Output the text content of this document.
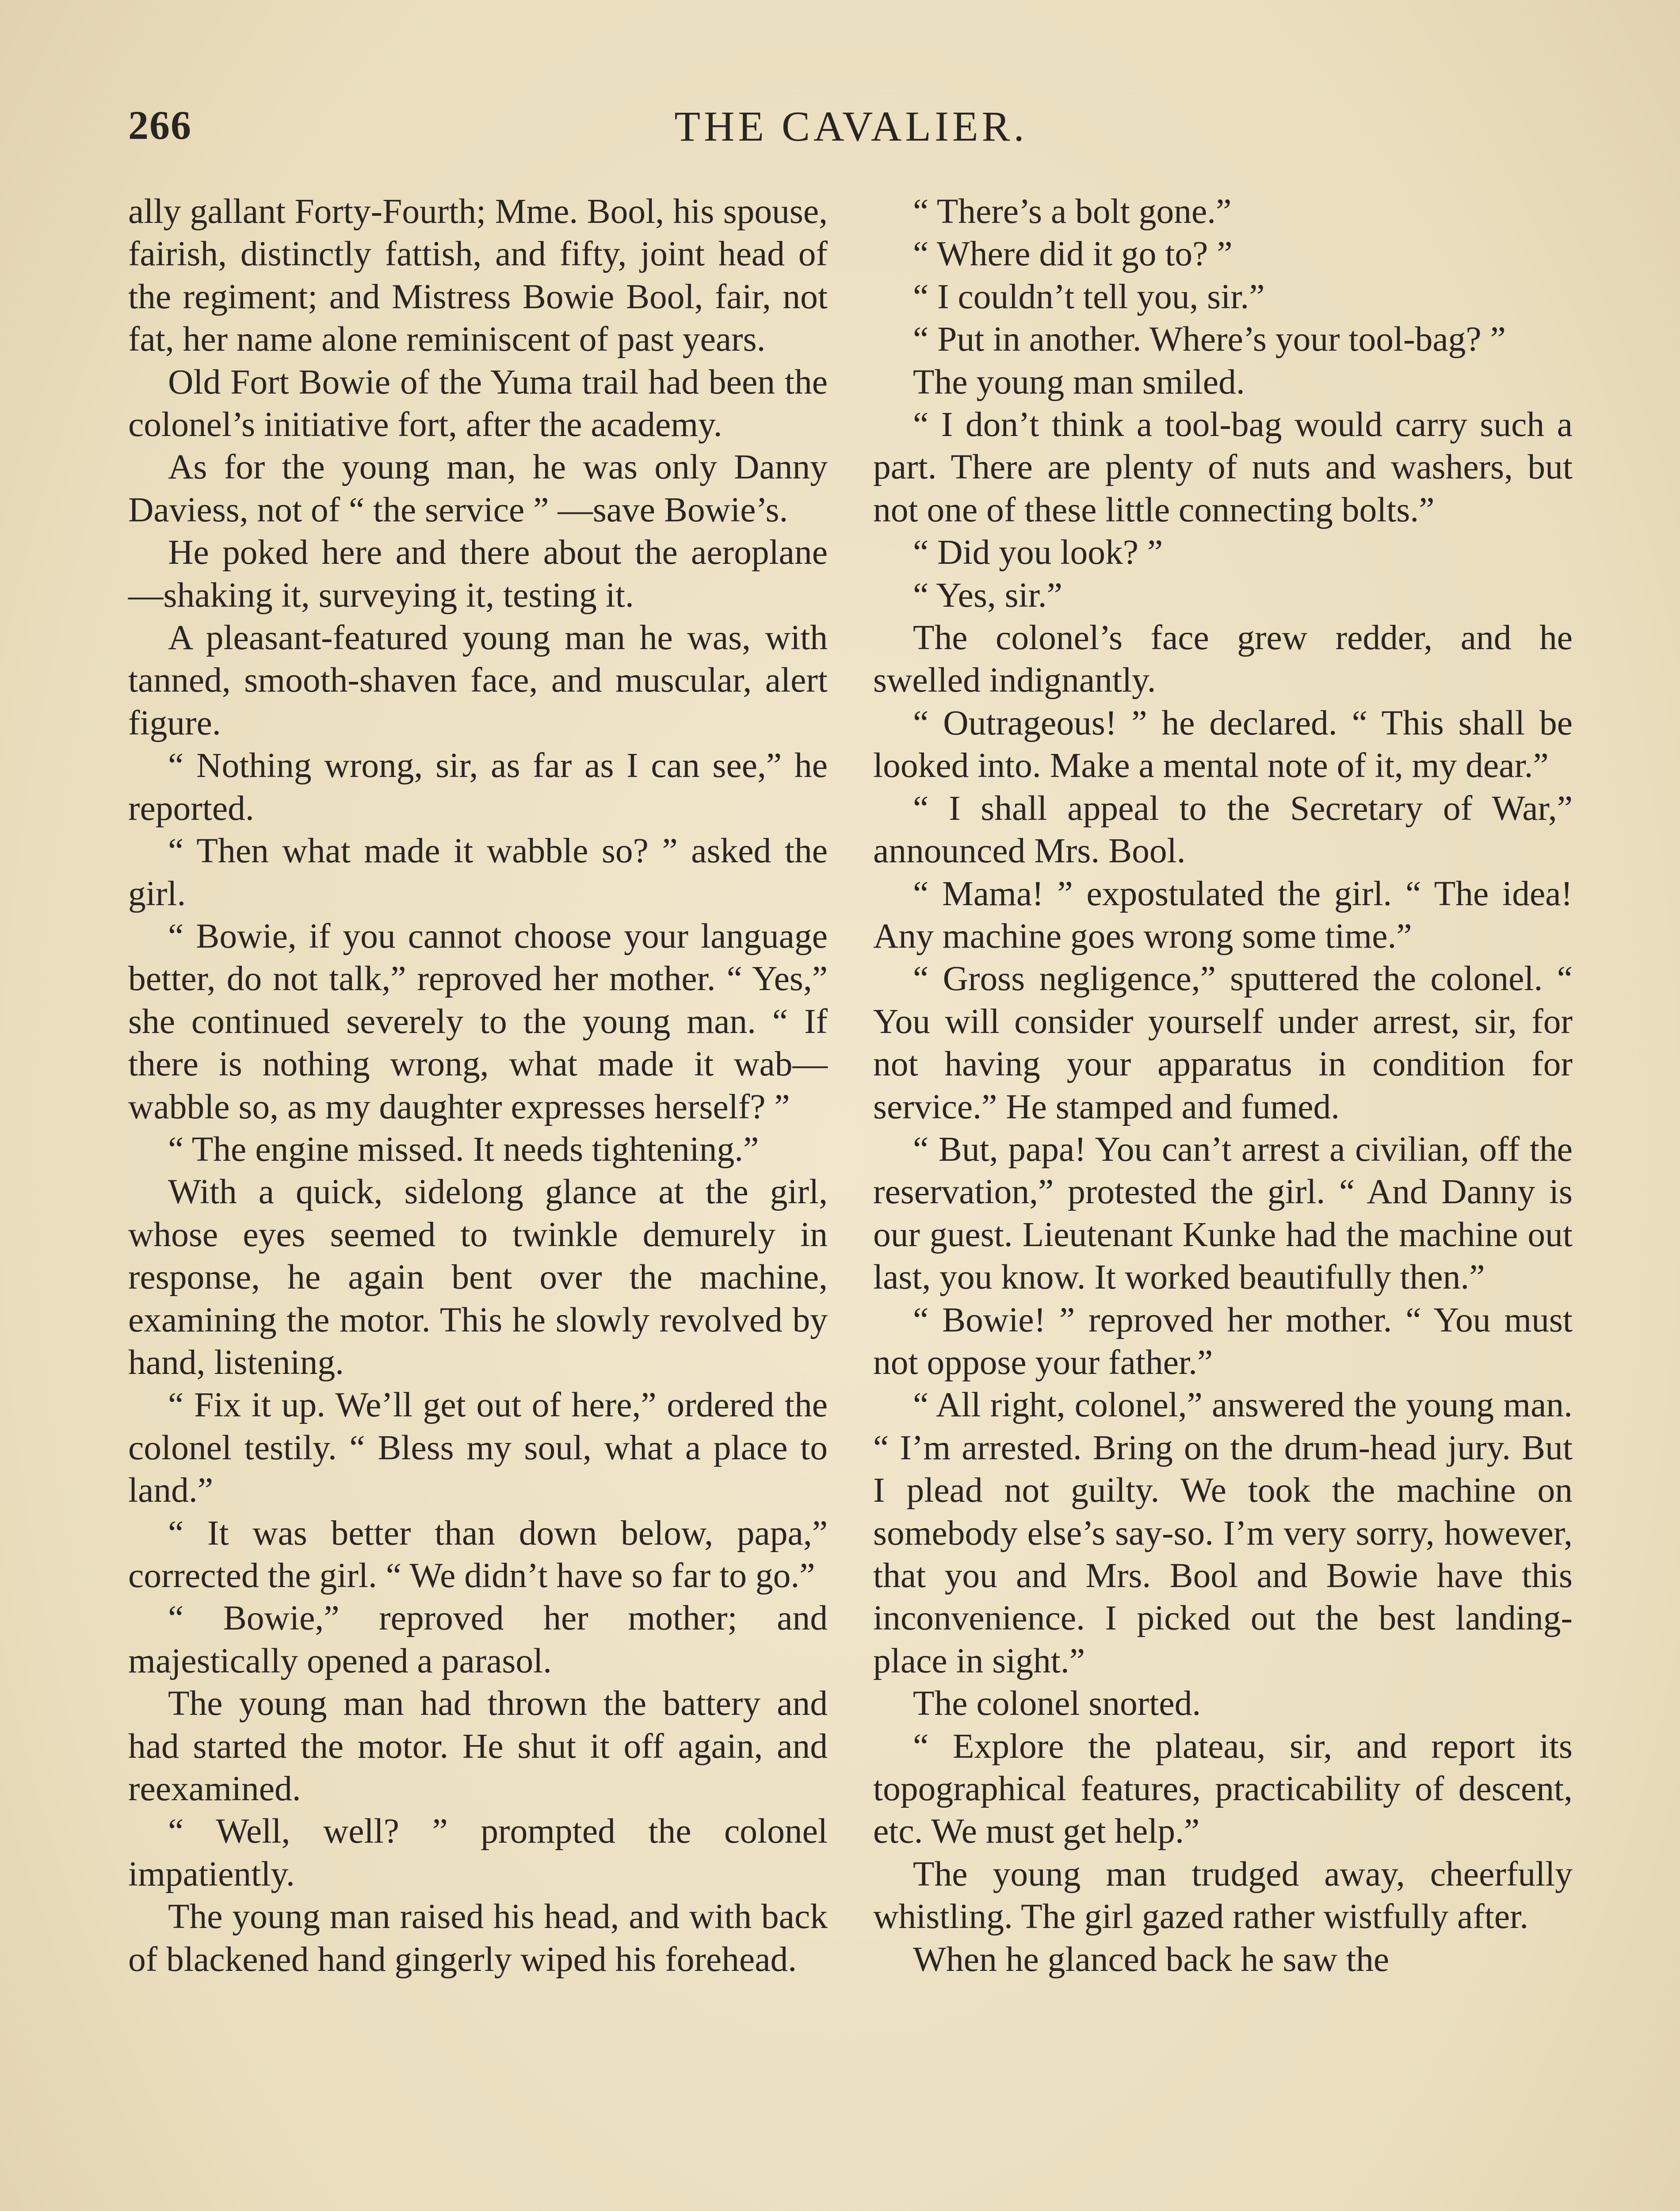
266	THE CAVALIER.

ally gallant Forty-Fourth; Mme. Bool, his spouse, fairish, distinctly fattish, and fifty, joint head of the regiment; and Mistress Bowie Bool, fair, not fat, her name alone reminiscent of past years.

Old Fort Bowie of the Yuma trail had been the colonel’s initiative fort, after the academy.

As for the young man, he was only Danny Daviess, not of “ the service ” —save Bowie’s.

He poked here and there about the aeroplane—shaking it, surveying it, testing it.

A pleasant-featured young man he was, with tanned, smooth-shaven face, and muscular, alert figure.

“ Nothing wrong, sir, as far as I can see,” he reported.

“ Then what made it wabble so? ” asked the girl.

“ Bowie, if you cannot choose your language better, do not talk,” reproved her mother. “ Yes,” she continued severely to the young man. “ If there is nothing wrong, what made it wab— wabble so, as my daughter expresses herself? ”

“ The engine missed. It needs tightening.”

With a quick, sidelong glance at the girl, whose eyes seemed to twinkle demurely in response, he again bent over the machine, examining the motor. This he slowly revolved by hand, listening.

“ Fix it up. We’ll get out of here,” ordered the colonel testily. “ Bless my soul, what a place to land.”

“ It was better than down below, papa,” corrected the girl. “ We didn’t have so far to go.”

“ Bowie,” reproved her mother; and majestically opened a parasol.

The young man had thrown the battery and had started the motor. He shut it off again, and reexamined.

“ Well, well? ” prompted the colonel impatiently.

The young man raised his head, and with back of blackened hand gingerly wiped his forehead.

“ There’s a bolt gone.”

“ Where did it go to? ”

“ I couldn’t tell you, sir.”

“ Put in another. Where’s your tool-bag? ”

The young man smiled.

“ I don’t think a tool-bag would carry such a part. There are plenty of nuts and washers, but not one of these little connecting bolts.”

“ Did you look? ”

“ Yes, sir.”

The colonel’s face grew redder, and he swelled indignantly.

“ Outrageous! ” he declared. “ This shall be looked into. Make a mental note of it, my dear.”

“ I shall appeal to the Secretary of War,” announced Mrs. Bool.

“ Mama! ” expostulated the girl. “ The idea! Any machine goes wrong some time.”

“ Gross negligence,” sputtered the colonel. “ You will consider yourself under arrest, sir, for not having your apparatus in condition for service.” He stamped and fumed.

“ But, papa! You can’t arrest a civilian, off the reservation,” protested the girl. “ And Danny is our guest. Lieutenant Kunke had the machine out last, you know. It worked beautifully then.”

“ Bowie! ” reproved her mother. “ You must not oppose your father.”

“ All right, colonel,” answered the young man. “ I’m arrested. Bring on the drum-head jury. But I plead not guilty. We took the machine on somebody else’s say-so. I’m very sorry, however, that you and Mrs. Bool and Bowie have this inconvenience. I picked out the best landing-place in sight.”

The colonel snorted.

“ Explore the plateau, sir, and report its topographical features, practicability of descent, etc. We must get help.”

The young man trudged away, cheerfully whistling. The girl gazed rather wistfully after.

When he glanced back he saw the
